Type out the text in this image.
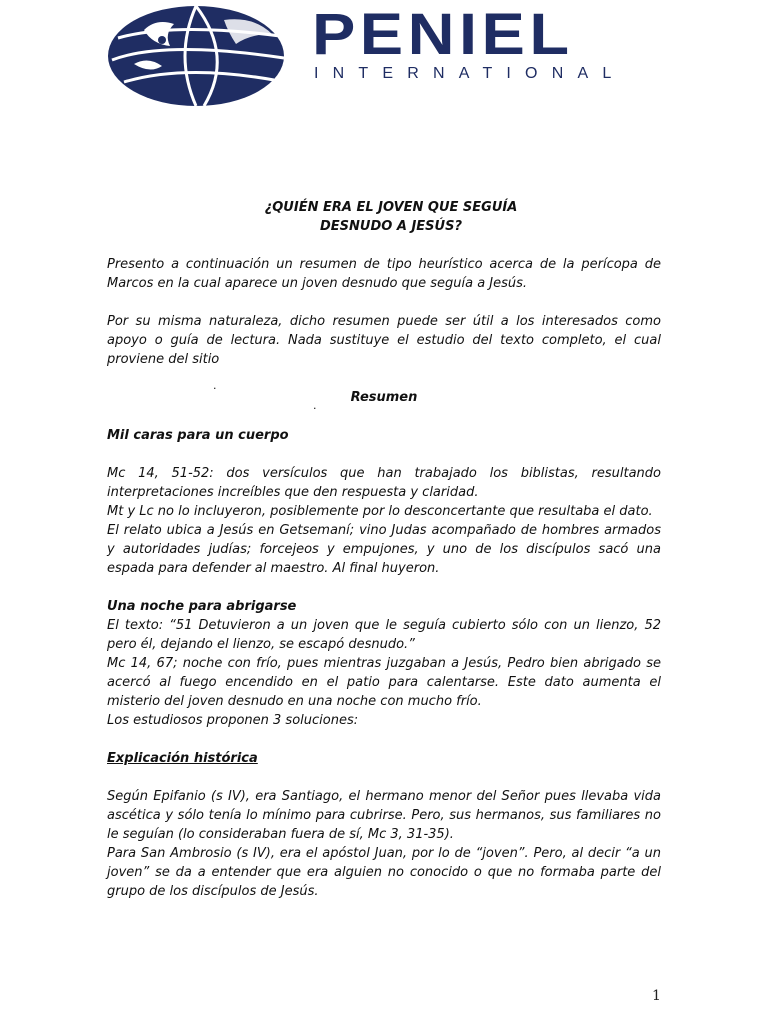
PENIEL
INTERNATIONAL

¿QUIÉN ERA EL JOVEN QUE SEGUÍA

DESNUDO A JESÚS?

Presento a continuación un resumen de tipo heurístico acerca de la perícopa de Marcos en la cual aparece un joven desnudo que seguía a Jesús.

Por su misma naturaleza, dicho resumen puede ser útil a los interesados como apoyo o guía de lectura. Nada sustituye el estudio del texto completo, el cual proviene del sitio

Resumen

Mil caras para un cuerpo

Mc 14, 51-52: dos versículos que han trabajado los biblistas, resultando interpretaciones increíbles que den respuesta y claridad.

Mt y Lc no lo incluyeron, posiblemente por lo desconcertante que resultaba el dato.

El relato ubica a Jesús en Getsemaní; vino Judas acompañado de hombres armados y autoridades judías; forcejeos y empujones, y uno de los discípulos sacó una espada para defender al maestro. Al final huyeron.

Una noche para abrigarse

El texto: “51 Detuvieron a un joven que le seguía cubierto sólo con un lienzo, 52 pero él, dejando el lienzo, se escapó desnudo.”

Mc 14, 67; noche con frío, pues mientras juzgaban a Jesús, Pedro bien abrigado se acercó al fuego encendido en el patio para calentarse. Este dato aumenta el misterio del joven desnudo en una noche con mucho frío.

Los estudiosos proponen 3 soluciones:

Explicación histórica

Según Epifanio (s IV), era Santiago, el hermano menor del Señor pues llevaba vida ascética y sólo tenía lo mínimo para cubrirse. Pero, sus hermanos, sus familiares no le seguían (lo consideraban fuera de sí, Mc 3, 31-35).

Para San Ambrosio (s IV), era el apóstol Juan, por lo de “joven”. Pero, al decir “a un joven” se da a entender que era alguien no conocido o que no formaba parte del grupo de los discípulos de Jesús.

.
.
1
